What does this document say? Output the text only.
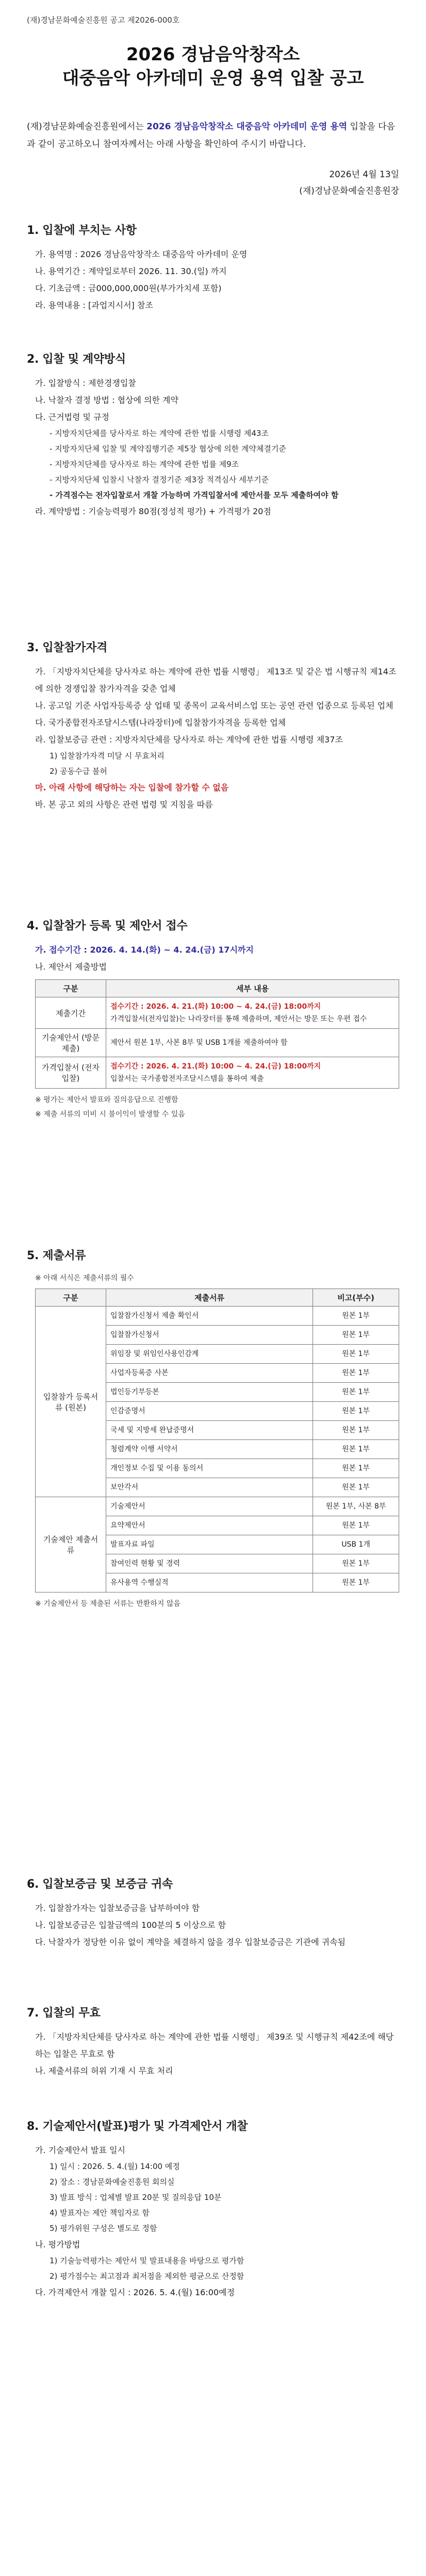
(재)경남문화예술진흥원 공고 제2026-000호
2026 경남음악창작소
대중음악 아카데미 운영 용역 입찰 공고
(재)경남문화예술진흥원에서는 2026 경남음악창작소 대중음악 아카데미 운영 용역 입찰을 다음과 같이 공고하오니 참여자께서는 아래 사항을 확인하여 주시기 바랍니다.
2026년 4월 13일
(재)경남문화예술진흥원장
1. 입찰에 부치는 사항
가. 용역명 : 2026 경남음악창작소 대중음악 아카데미 운영
나. 용역기간 : 계약일로부터 2026. 11. 30.(일) 까지
다. 기초금액 : 금000,000,000원(부가가치세 포함)
라. 용역내용 : [과업지시서] 참조
2. 입찰 및 계약방식
가. 입찰방식 : 제한경쟁입찰
나. 낙찰자 결정 방법 : 협상에 의한 계약
다. 근거법령 및 규정
- 지방자치단체를 당사자로 하는 계약에 관한 법률 시행령 제43조
- 지방자치단체 입찰 및 계약집행기준 제5장 협상에 의한 계약체결기준
- 지방자치단체를 당사자로 하는 계약에 관한 법률 제9조
- 지방자치단체 입찰시 낙찰자 결정기준 제3장 적격심사 세부기준
- 가격점수는 전자입찰로서 개찰 가능하며 가격입찰서에 제안서를 모두 제출하여야 함
라. 계약방법 : 기술능력평가 80점(정성적 평가) + 가격평가 20점
3. 입찰참가자격
가. 「지방자치단체를 당사자로 하는 계약에 관한 법률 시행령」 제13조 및 같은 법 시행규칙 제14조에 의한 경쟁입찰 참가자격을 갖춘 업체
나. 공고일 기준 사업자등록증 상 업태 및 종목이 교육서비스업 또는 공연 관련 업종으로 등록된 업체
다. 국가종합전자조달시스템(나라장터)에 입찰참가자격을 등록한 업체
라. 입찰보증금 관련 : 지방자치단체를 당사자로 하는 계약에 관한 법률 시행령 제37조
1) 입찰참가자격 미달 시 무효처리
2) 공동수급 불허
마. 아래 사항에 해당하는 자는 입찰에 참가할 수 없음
바. 본 공고 외의 사항은 관련 법령 및 지침을 따름
4. 입찰참가 등록 및 제안서 접수
가. 접수기간 : 2026. 4. 14.(화) ~ 4. 24.(금) 17시까지
나. 제안서 제출방법
구분	세부 내용
제출기간	접수기간 : 2026. 4. 21.(화) 10:00 ~ 4. 24.(금) 18:00까지
가격입찰서(전자입찰)는 나라장터를 통해 제출하며, 제안서는 방문 또는 우편 접수

기술제안서 (방문제출)	제안서 원본 1부, 사본 8부 및 USB 1개를 제출하여야 함
가격입찰서 (전자입찰)	접수기간 : 2026. 4. 21.(화) 10:00 ~ 4. 24.(금) 18:00까지
입찰서는 국가종합전자조달시스템을 통하여 제출
※ 평가는 제안서 발표와 질의응답으로 진행함
※ 제출 서류의 미비 시 불이익이 발생할 수 있음
5. 제출서류
※ 아래 서식은 제출서류의 필수
구분	제출서류	비고(부수)
입찰참가 등록서류 (원본)	입찰참가신청서 제출 확인서	원본 1부
	입찰참가신청서	원본 1부
	위임장 및 위임인사용인감계	원본 1부
	사업자등록증 사본	원본 1부
	법인등기부등본	원본 1부
	인감증명서	원본 1부
	국세 및 지방세 완납증명서	원본 1부
	청렴계약 이행 서약서	원본 1부
	개인정보 수집 및 이용 동의서	원본 1부
	보안각서	원본 1부
기술제안 제출서류	기술제안서	원본 1부, 사본 8부
	요약제안서	원본 1부
	발표자료 파일	USB 1개
	참여인력 현황 및 경력	원본 1부
	유사용역 수행실적	원본 1부
※ 기술제안서 등 제출된 서류는 반환하지 않음
6. 입찰보증금 및 보증금 귀속
가. 입찰참가자는 입찰보증금을 납부하여야 함
나. 입찰보증금은 입찰금액의 100분의 5 이상으로 함
다. 낙찰자가 정당한 이유 없이 계약을 체결하지 않을 경우 입찰보증금은 기관에 귀속됨
7. 입찰의 무효
가. 「지방자치단체를 당사자로 하는 계약에 관한 법률 시행령」 제39조 및 시행규칙 제42조에 해당하는 입찰은 무효로 함
나. 제출서류의 허위 기재 시 무효 처리
8. 기술제안서(발표)평가 및 가격제안서 개찰
가. 기술제안서 발표 일시
1) 일시 : 2026. 5. 4.(월) 14:00 예정
2) 장소 : 경남문화예술진흥원 회의실
3) 발표 방식 : 업체별 발표 20분 및 질의응답 10분
4) 발표자는 제안 책임자로 함
5) 평가위원 구성은 별도로 정함
나. 평가방법
1) 기술능력평가는 제안서 및 발표내용을 바탕으로 평가함
2) 평가점수는 최고점과 최저점을 제외한 평균으로 산정함
다. 가격제안서 개찰 일시 : 2026. 5. 4.(월) 16:00예정
